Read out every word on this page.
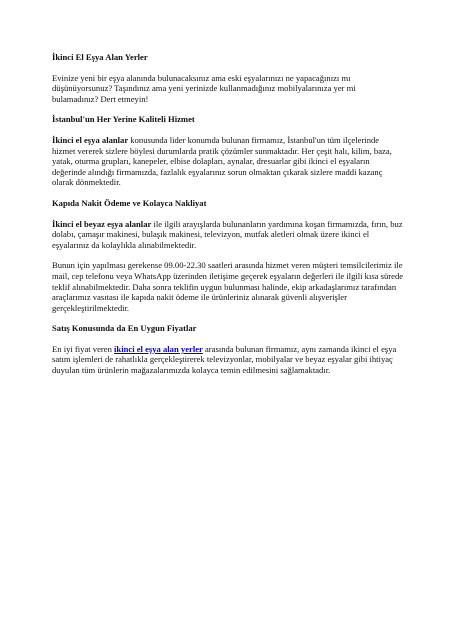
İkinci El Eşya Alan Yerler

Evinize yeni bir eşya alanında bulunacaksınız ama eski eşyalarınızı ne yapacağınızı mı düşünüyorsunuz? Taşındınız ama yeni yerinizde kullanmadığınız mobilyalarınıza yer mi bulamadınız? Dert etmeyin!

İstanbul'un Her Yerine Kaliteli Hizmet

İkinci el eşya alanlar konusunda lider konumda bulunan firmamız, İstanbul'un tüm ilçelerinde hizmet vererek sizlere böylesi durumlarda pratik çözümler sunmaktadır. Her çeşit halı, kilim, baza, yatak, oturma grupları, kanepeler, elbise dolapları, aynalar, dresuarlar gibi ikinci el eşyaların değerinde alındığı firmamızda, fazlalık eşyalarınız sorun olmaktan çıkarak sizlere maddi kazanç olarak dönmektedir.

Kapıda Nakit Ödeme ve Kolayca Nakliyat

İkinci el beyaz eşya alanlar ile ilgili arayışlarda bulunanların yardımına koşan firmamızda, fırın, buz dolabı, çamaşır makinesi, bulaşık makinesi, televizyon, mutfak aletleri olmak üzere ikinci el eşyalarınız da kolaylıkla alınabilmektedir.

Bunun için yapılması gerekense 09.00-22.30 saatleri arasında hizmet veren müşteri temsilcilerimiz ile mail, cep telefonu veya WhatsApp üzerinden iletişime geçerek eşyaların değerleri ile ilgili kısa sürede teklif alınabilmektedir. Daha sonra teklifin uygun bulunması halinde, ekip arkadaşlarımız tarafından araçlarımız vasıtası ile kapıda nakit ödeme ile ürünleriniz alınarak güvenli alışverişler gerçekleştirilmektedir.

Satış Konusunda da En Uygun Fiyatlar

En iyi fiyat veren ikinci el eşya alan yerler arasında bulunan firmamız, aynı zamanda ikinci el eşya satım işlemleri de rahatlıkla gerçekleştirerek televizyonlar, mobilyalar ve beyaz eşyalar gibi ihtiyaç duyulan tüm ürünlerin mağazalarımızda kolayca temin edilmesini sağlamaktadır.
